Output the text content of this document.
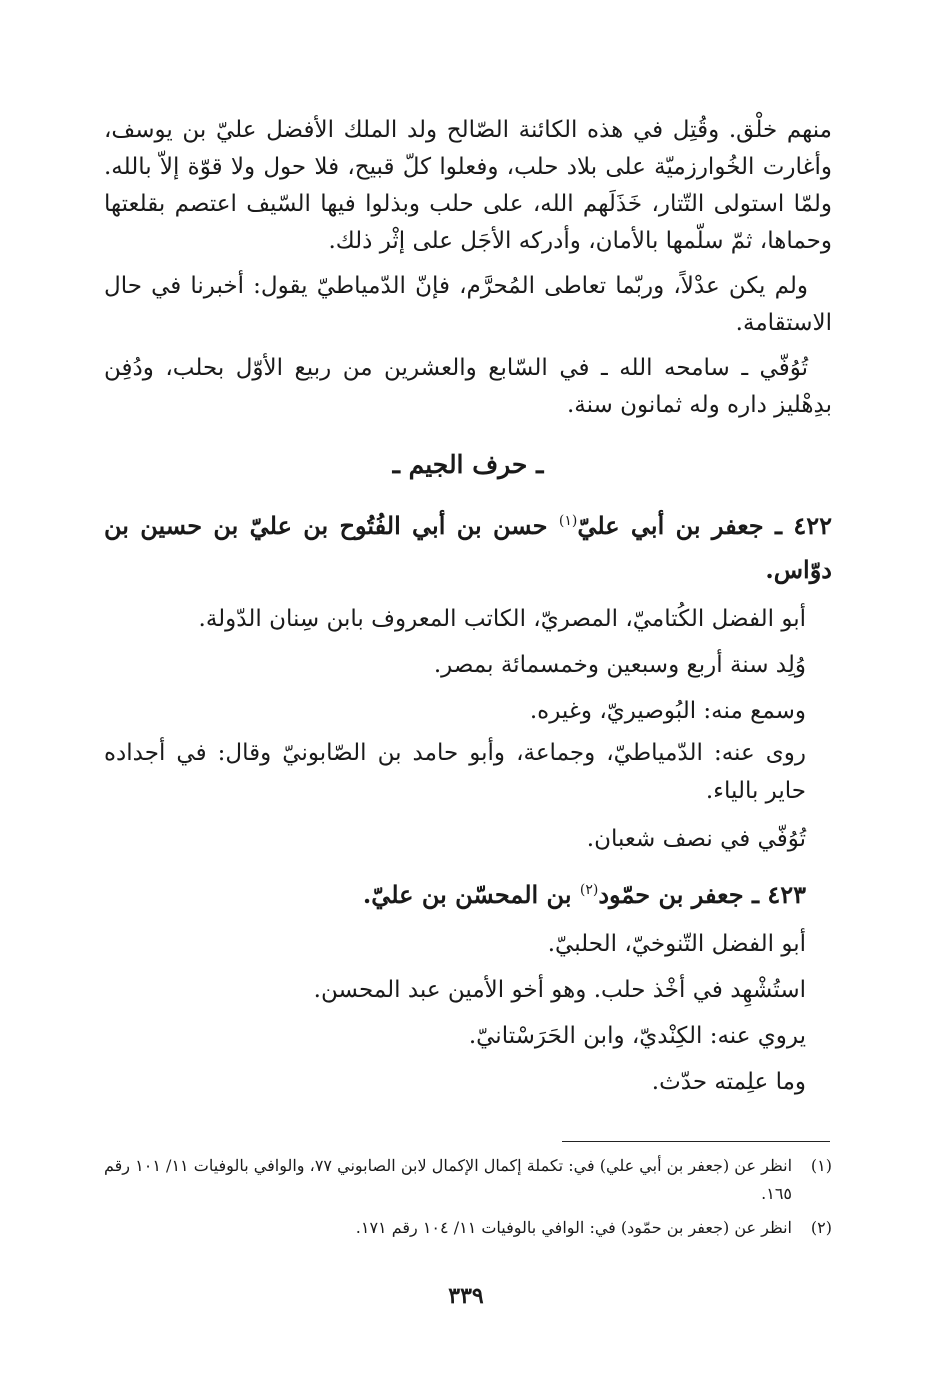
منهم خلْق. وقُتِل في هذه الكائنة الصّالح ولد الملك الأفضل عليّ بن يوسف، وأغارت الخُوارزميّة على بلاد حلب، وفعلوا كلّ قبيح، فلا حول ولا قوّة إلاّ بالله. ولمّا استولى التّتار، خَذَلَهم الله، على حلب وبذلوا فيها السّيف اعتصم بقلعتها وحماها، ثمّ سلّمها بالأمان، وأدركه الأجَل على إثْر ذلك.

ولم يكن عدْلاً، وربّما تعاطى المُحرَّم، فإنّ الدّمياطيّ يقول: أخبرنا في حال الاستقامة.

تُوُفّي ـ سامحه الله ـ في السّابع والعشرين من ربيع الأوّل بحلب، ودُفِن بدِهْليز داره وله ثمانون سنة.

ـ حرف الجيم ـ
٤٢٢ ـ جعفر بن أبي عليّ$^{(١)}$ حسن بن أبي الفُتُوح بن عليّ بن حسين بن دوّاس.

أبو الفضل الكُتاميّ، المصريّ، الكاتب المعروف بابن سِنان الدّولة.

وُلِد سنة أربع وسبعين وخمسمائة بمصر.

وسمع منه: البُوصيريّ، وغيره.

روى عنه: الدّمياطيّ، وجماعة، وأبو حامد بن الصّابونيّ وقال: في أجداده حاير بالياء.

تُوُفّي في نصف شعبان.

٤٢٣ ـ جعفر بن حمّود$^{(٢)}$ بن المحسّن بن عليّ.

أبو الفضل التّنوخيّ، الحلبيّ.

استُشْهِد في أخْذ حلب. وهو أخو الأمين عبد المحسن.

يروي عنه: الكِنْديّ، وابن الحَرَسْتانيّ.

وما علِمته حدّث.

(١)
انظر عن (جعفر بن أبي علي) في: تكملة إكمال الإكمال لابن الصابوني ٧٧، والوافي بالوفيات ١١/ ١٠١ رقم ١٦٥.
(٢)
انظر عن (جعفر بن حمّود) في: الوافي بالوفيات ١١/ ١٠٤ رقم ١٧١.
٣٣٩
